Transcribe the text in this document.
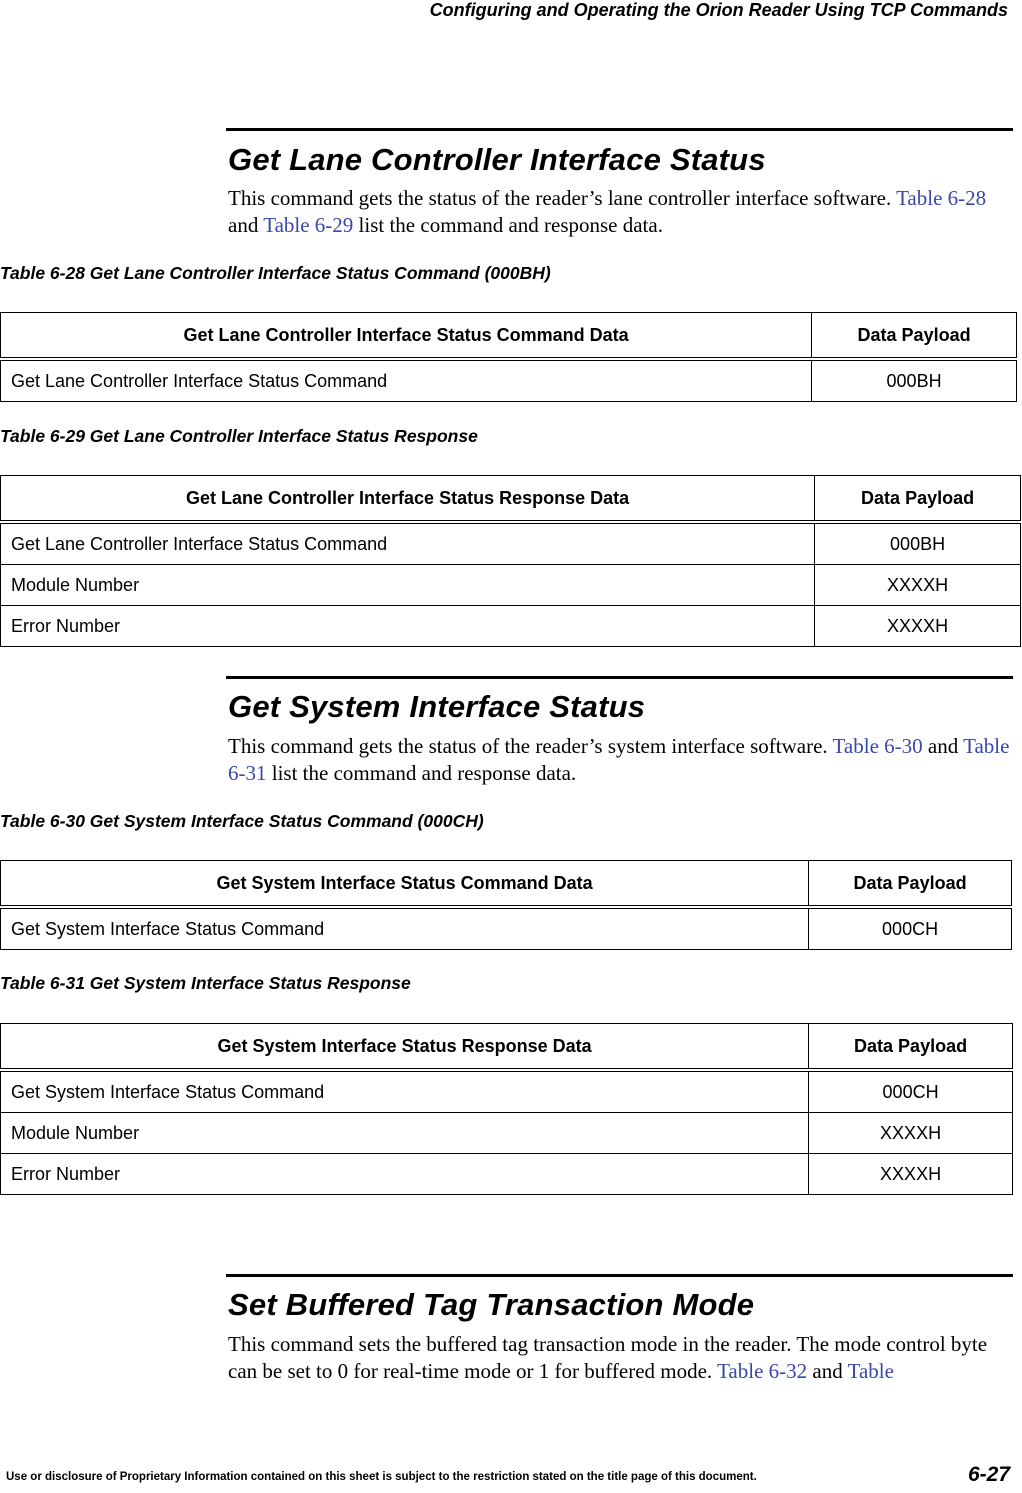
Configuring and Operating the Orion Reader Using TCP Commands
Get Lane Controller Interface Status
This command gets the status of the reader’s lane controller interface software. Table 6-28 and Table 6-29 list the command and response data.
Table 6-28 Get Lane Controller Interface Status Command (000BH)
Get Lane Controller Interface Status Command Data	Data Payload
Get Lane Controller Interface Status Command	000BH
Table 6-29 Get Lane Controller Interface Status Response
Get Lane Controller Interface Status Response Data	Data Payload
Get Lane Controller Interface Status Command	000BH
Module Number	XXXXH
Error Number	XXXXH
Get System Interface Status
This command gets the status of the reader’s system interface software. Table 6-30 and Table 6-31 list the command and response data.
Table 6-30 Get System Interface Status Command (000CH)
Get System Interface Status Command Data	Data Payload
Get System Interface Status Command	000CH
Table 6-31 Get System Interface Status Response
Get System Interface Status Response Data	Data Payload
Get System Interface Status Command	000CH
Module Number	XXXXH
Error Number	XXXXH
Set Buffered Tag Transaction Mode
This command sets the buffered tag transaction mode in the reader. The mode control byte can be set to 0 for real-time mode or 1 for buffered mode. Table 6-32 and Table
Use or disclosure of Proprietary Information contained on this sheet is subject to the restriction stated on the title page of this document.	6-27
